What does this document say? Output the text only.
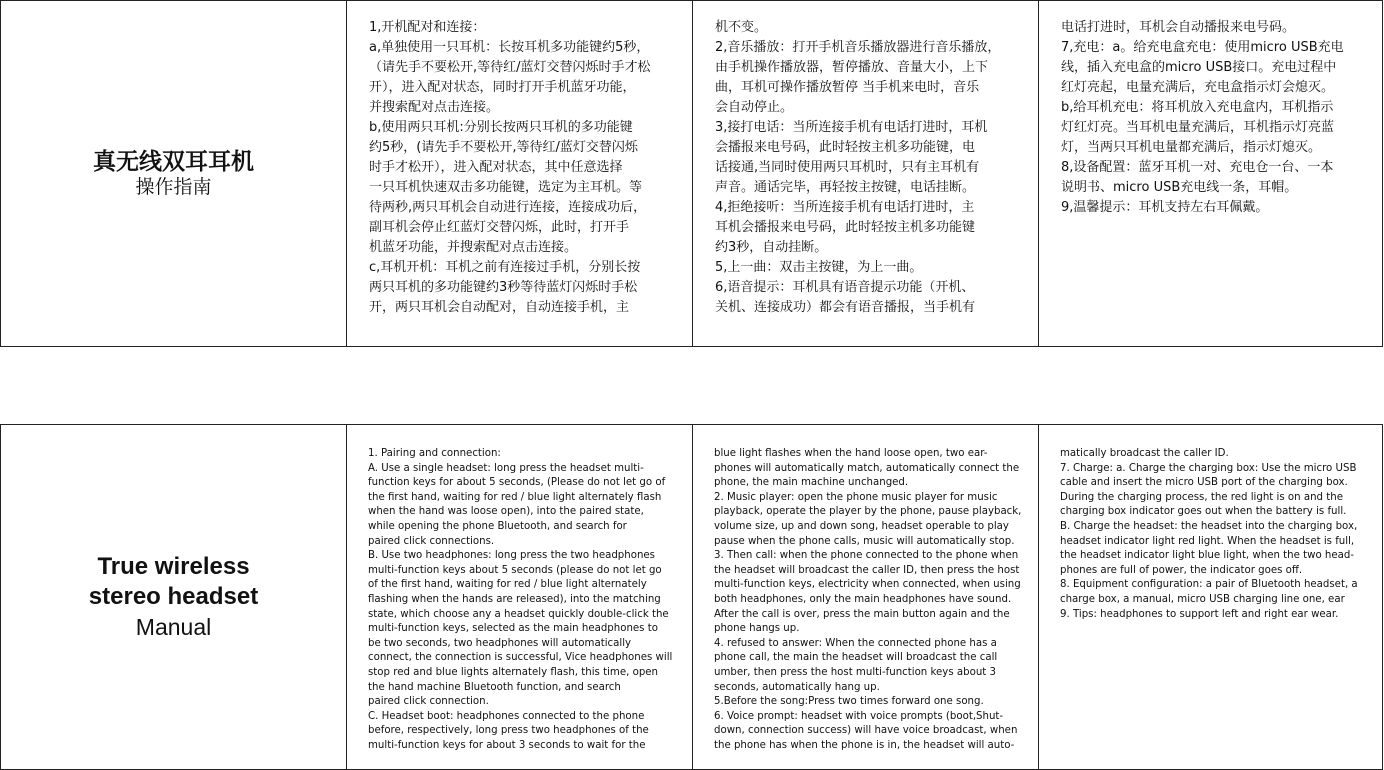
真无线双耳耳机
操作指南
1,开机配对和连接：
a,单独使用一只耳机：长按耳机多功能键约5秒，
（请先手不要松开,等待红/蓝灯交替闪烁时手才松
开），进入配对状态，同时打开手机蓝牙功能，
并搜索配对点击连接。
b,使用两只耳机:分别长按两只耳机的多功能键
约5秒，(请先手不要松开,等待红/蓝灯交替闪烁
时手才松开），进入配对状态，其中任意选择
一只耳机快速双击多功能键，选定为主耳机。等
待两秒,两只耳机会自动进行连接，连接成功后，
副耳机会停止红蓝灯交替闪烁，此时，打开手
机蓝牙功能，并搜索配对点击连接。
c,耳机开机：耳机之前有连接过手机，分别长按
两只耳机的多功能键约3秒等待蓝灯闪烁时手松
开，两只耳机会自动配对，自动连接手机，主
机不变。
2,音乐播放：打开手机音乐播放器进行音乐播放，
由手机操作播放器，暂停播放、音量大小，上下
曲，耳机可操作播放暂停 当手机来电时，音乐
会自动停止。
3,接打电话：当所连接手机有电话打进时，耳机
会播报来电号码，此时轻按主机多功能键，电
话接通,当同时使用两只耳机时，只有主耳机有
声音。通话完毕，再轻按主按键，电话挂断。
4,拒绝接听：当所连接手机有电话打进时，主
耳机会播报来电号码，此时轻按主机多功能键
约3秒，自动挂断。
5,上一曲：双击主按键，为上一曲。
6,语音提示：耳机具有语音提示功能（开机、
关机、连接成功）都会有语音播报，当手机有
电话打进时，耳机会自动播报来电号码。
7,充电：a。给充电盒充电：使用micro USB充电
线，插入充电盒的micro USB接口。充电过程中
红灯亮起，电量充满后，充电盒指示灯会熄灭。
b,给耳机充电：将耳机放入充电盒内，耳机指示
灯红灯亮。当耳机电量充满后，耳机指示灯亮蓝
灯，当两只耳机电量都充满后，指示灯熄灭。
8,设备配置：蓝牙耳机一对、充电仓一台、一本
说明书、micro USB充电线一条，耳帽。
9,温馨提示：耳机支持左右耳佩戴。
True wireless
stereo headset
Manual
1. Pairing and connection:
A. Use a single headset: long press the headset multi-
function keys for about 5 seconds, (Please do not let go of
the first hand, waiting for red / blue light alternately flash
when the hand was loose open), into the paired state,
while opening the phone Bluetooth, and search for
paired click connections.
B. Use two headphones: long press the two headphones
multi-function keys about 5 seconds (please do not let go
of the first hand, waiting for red / blue light alternately
flashing when the hands are released), into the matching
state, which choose any a headset quickly double-click the
multi-function keys, selected as the main headphones to
be two seconds, two headphones will automatically
connect, the connection is successful, Vice headphones will
stop red and blue lights alternately flash, this time, open
the hand machine Bluetooth function, and search
paired click connection.
C. Headset boot: headphones connected to the phone
before, respectively, long press two headphones of the
multi-function keys for about 3 seconds to wait for the
blue light flashes when the hand loose open, two ear-
phones will automatically match, automatically connect the
phone, the main machine unchanged.
2. Music player: open the phone music player for music
playback, operate the player by the phone, pause playback,
volume size, up and down song, headset operable to play
pause when the phone calls, music will automatically stop.
3. Then call: when the phone connected to the phone when
the headset will broadcast the caller ID, then press the host
multi-function keys, electricity when connected, when using
both headphones, only the main headphones have sound.
After the call is over, press the main button again and the
phone hangs up.
4. refused to answer: When the connected phone has a
phone call, the main the headset will broadcast the call
umber, then press the host multi-function keys about 3
seconds, automatically hang up.
5.Before the song:Press two times forward one song.
6. Voice prompt: headset with voice prompts (boot,Shut-
down, connection success) will have voice broadcast, when
the phone has when the phone is in, the headset will auto-
matically broadcast the caller ID.
7. Charge: a. Charge the charging box: Use the micro USB
cable and insert the micro USB port of the charging box.
During the charging process, the red light is on and the
charging box indicator goes out when the battery is full.
B. Charge the headset: the headset into the charging box,
headset indicator light red light. When the headset is full,
the headset indicator light blue light, when the two head-
phones are full of power, the indicator goes off.
8. Equipment configuration: a pair of Bluetooth headset, a
charge box, a manual, micro USB charging line one, ear
9. Tips: headphones to support left and right ear wear.
